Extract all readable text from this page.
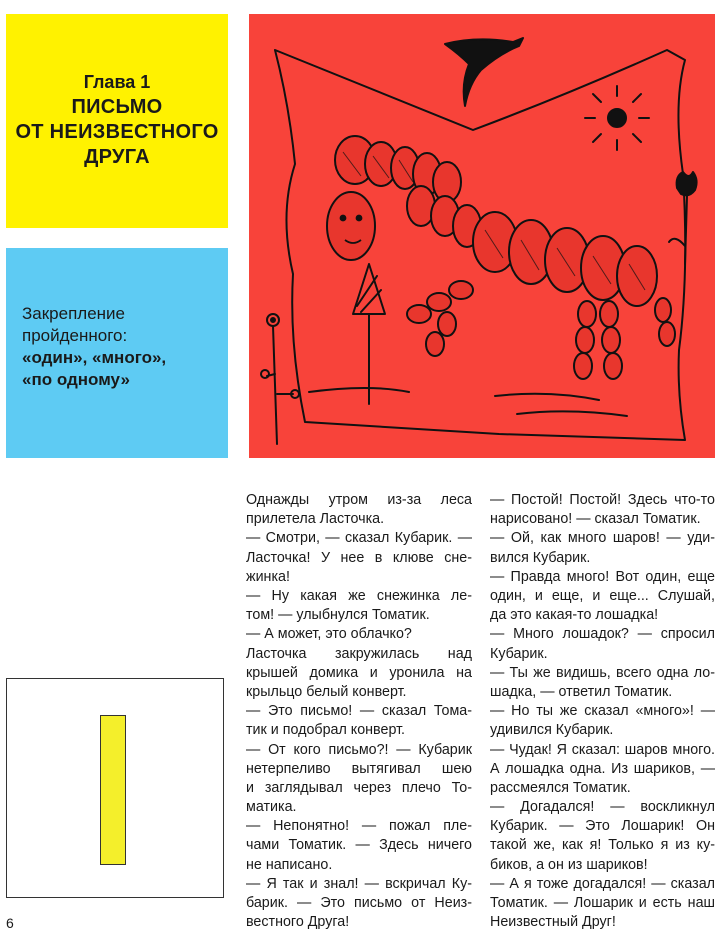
Глава 1
ПИСЬМО
ОТ НЕИЗВЕСТНОГО
ДРУГА
Закрепление
пройденного:
«один», «много»,
«по одному»
6
Однажды утром из-за леса
прилетела Ласточка.
— Смотри, — сказал Кубарик. —
Ласточка! У нее в клюве сне-
жинка!
— Ну какая же снежинка ле-
том! — улыбнулся Томатик.
— А может, это облачко?
Ласточка закружилась над
крышей домика и уронила на
крыльцо белый конверт.
— Это письмо! — сказал Тома-
тик и подобрал конверт.
— От кого письмо?! — Кубарик
нетерпеливо вытягивал шею
и заглядывал через плечо То-
матика.
— Непонятно! — пожал пле-
чами Томатик. — Здесь ничего
не написано.
— Я так и знал! — вскричал Ку-
барик. — Это письмо от Неиз-
вестного Друга!
— Постой! Постой! Здесь что-то
нарисовано! — сказал Томатик.
— Ой, как много шаров! — уди-
вился Кубарик.
— Правда много! Вот один, еще
один, и еще, и еще... Слушай,
да это какая-то лошадка!
— Много лошадок? — спросил
Кубарик.
— Ты же видишь, всего одна ло-
шадка, — ответил Томатик.
— Но ты же сказал «много»! —
удивился Кубарик.
— Чудак! Я сказал: шаров много.
А лошадка одна. Из шариков, —
рассмеялся Томатик.
— Догадался! — воскликнул
Кубарик. — Это Лошарик! Он
такой же, как я! Только я из ку-
биков, а он из шариков!
— А я тоже догадался! — сказал
Томатик. — Лошарик и есть наш
Неизвестный Друг!
